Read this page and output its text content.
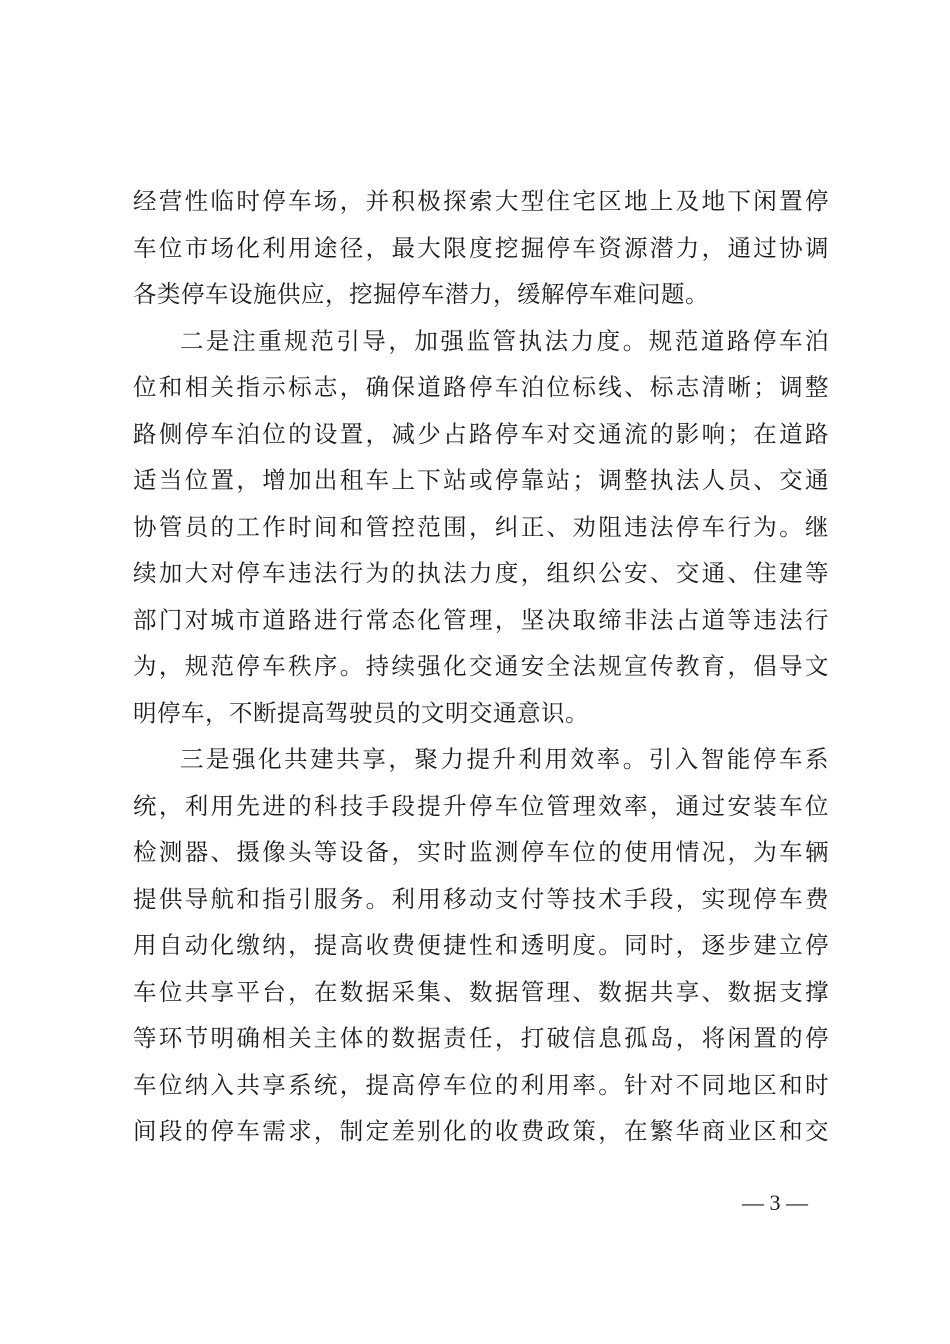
经营性临时停车场，并积极探索大型住宅区地上及地下闲置停
车位市场化利用途径，最大限度挖掘停车资源潜力，通过协调
各类停车设施供应，挖掘停车潜力，缓解停车难问题。
二是注重规范引导，加强监管执法力度。规范道路停车泊
位和相关指示标志，确保道路停车泊位标线、标志清晰；调整
路侧停车泊位的设置，减少占路停车对交通流的影响；在道路
适当位置，增加出租车上下站或停靠站；调整执法人员、交通
协管员的工作时间和管控范围，纠正、劝阻违法停车行为。继
续加大对停车违法行为的执法力度，组织公安、交通、住建等
部门对城市道路进行常态化管理，坚决取缔非法占道等违法行
为，规范停车秩序。持续强化交通安全法规宣传教育，倡导文
明停车，不断提高驾驶员的文明交通意识。
三是强化共建共享，聚力提升利用效率。引入智能停车系
统，利用先进的科技手段提升停车位管理效率，通过安装车位
检测器、摄像头等设备，实时监测停车位的使用情况，为车辆
提供导航和指引服务。利用移动支付等技术手段，实现停车费
用自动化缴纳，提高收费便捷性和透明度。同时，逐步建立停
车位共享平台，在数据采集、数据管理、数据共享、数据支撑
等环节明确相关主体的数据责任，打破信息孤岛，将闲置的停
车位纳入共享系统，提高停车位的利用率。针对不同地区和时
间段的停车需求，制定差别化的收费政策，在繁华商业区和交
— 3 —
